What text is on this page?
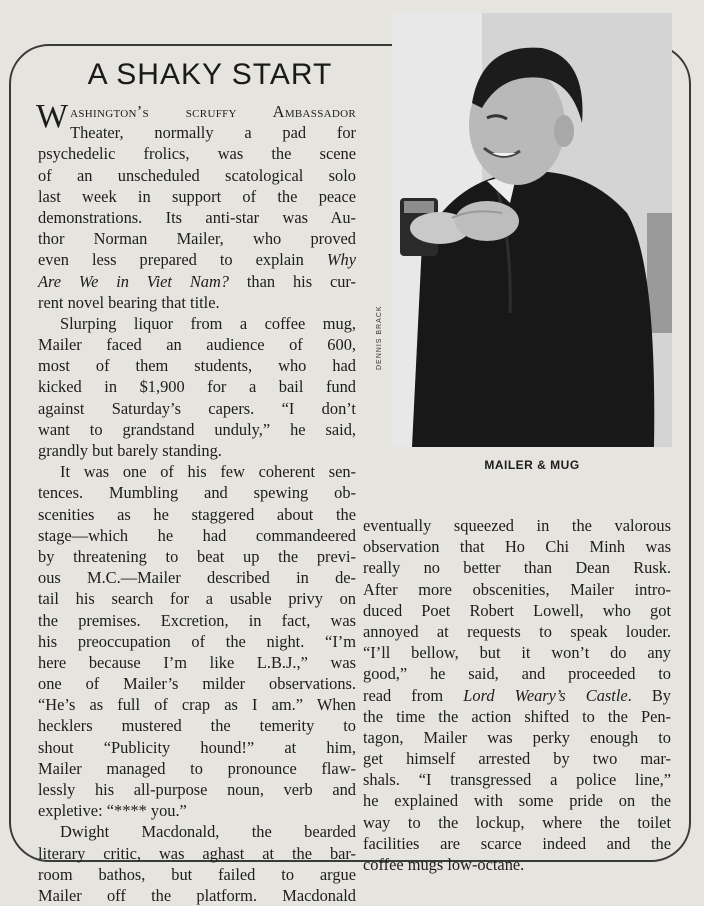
A SHAKY START
DENNIS BRACK
MAILER & MUG
W ashington’s scruffy Ambassador
Theater, normally a pad for
psychedelic frolics, was the scene
of an unscheduled scatological solo
last week in support of the peace
demonstrations. Its anti-star was Au-
thor Norman Mailer, who proved
even less prepared to explain Why
Are We in Viet Nam? than his cur-
rent novel bearing that title.
Slurping liquor from a coffee mug,
Mailer faced an audience of 600,
most of them students, who had
kicked in $1,900 for a bail fund
against Saturday’s capers. “I don’t
want to grandstand unduly,” he said,
grandly but barely standing.
It was one of his few coherent sen-
tences. Mumbling and spewing ob-
scenities as he staggered about the
stage—which he had commandeered
by threatening to beat up the previ-
ous M.C.—Mailer described in de-
tail his search for a usable privy on
the premises. Excretion, in fact, was
his preoccupation of the night. “I’m
here because I’m like L.B.J.,” was
one of Mailer’s milder observations.
“He’s as full of crap as I am.” When
hecklers mustered the temerity to
shout “Publicity hound!” at him,
Mailer managed to pronounce flaw-
lessly his all-purpose noun, verb and
expletive: “**** you.”
Dwight Macdonald, the bearded
literary critic, was aghast at the bar-
room bathos, but failed to argue
Mailer off the platform. Macdonald
eventually squeezed in the valorous
observation that Ho Chi Minh was
really no better than Dean Rusk.
After more obscenities, Mailer intro-
duced Poet Robert Lowell, who got
annoyed at requests to speak louder.
“I’ll bellow, but it won’t do any
good,” he said, and proceeded to
read from Lord Weary’s Castle. By
the time the action shifted to the Pen-
tagon, Mailer was perky enough to
get himself arrested by two mar-
shals. “I transgressed a police line,”
he explained with some pride on the
way to the lockup, where the toilet
facilities are scarce indeed and the
coffee mugs low-octane.
